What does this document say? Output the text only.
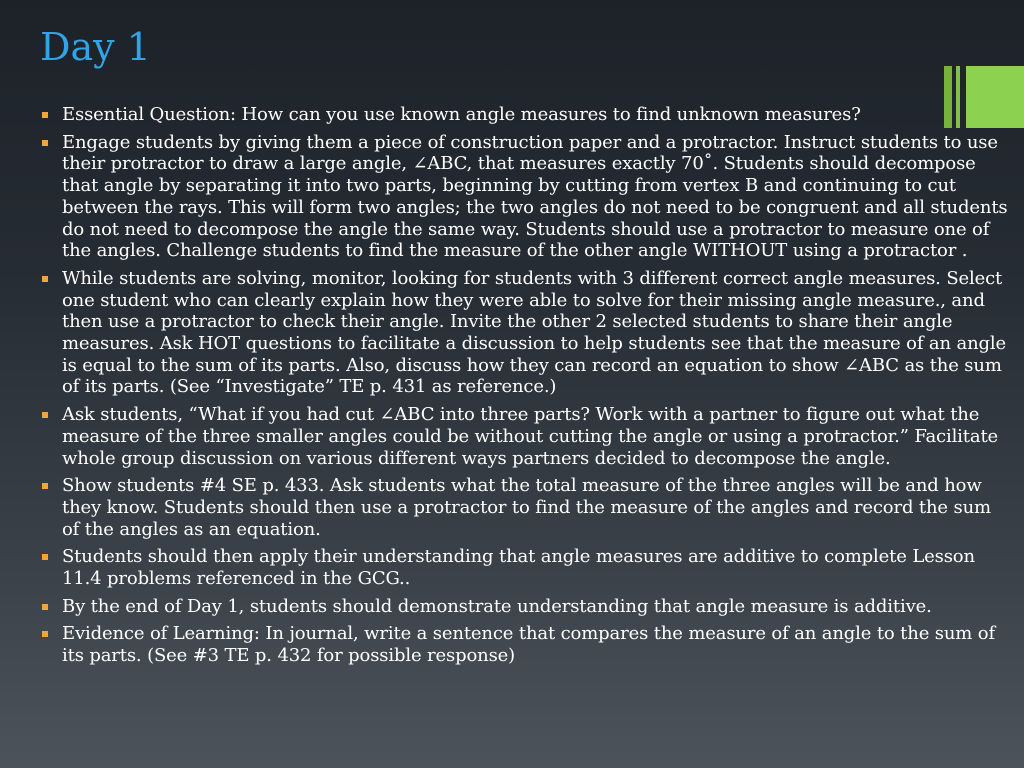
Day 1
Essential Question: How can you use known angle measures to find unknown measures?
Engage students by giving them a piece of construction paper and a protractor. Instruct students to use their protractor to draw a large angle, ∠ABC, that measures exactly 70˚. Students should decompose that angle by separating it into two parts, beginning by cutting from vertex B and continuing to cut between the rays. This will form two angles; the two angles do not need to be congruent and all students do not need to decompose the angle the same way. Students should use a protractor to measure one of the angles. Challenge students to find the measure of the other angle WITHOUT using a protractor .
While students are solving, monitor, looking for students with 3 different correct angle measures. Select one student who can clearly explain how they were able to solve for their missing angle measure., and then use a protractor to check their angle. Invite the other 2 selected students to share their angle measures. Ask HOT questions to facilitate a discussion to help students see that the measure of an angle is equal to the sum of its parts. Also, discuss how they can record an equation to show ∠ABC as the sum of its parts. (See “Investigate” TE p. 431 as reference.)
Ask students, “What if you had cut ∠ABC into three parts? Work with a partner to figure out what the measure of the three smaller angles could be without cutting the angle or using a protractor.” Facilitate whole group discussion on various different ways partners decided to decompose the angle.
Show students #4 SE p. 433. Ask students what the total measure of the three angles will be and how they know. Students should then use a protractor to find the measure of the angles and record the sum of the angles as an equation.
Students should then apply their understanding that angle measures are additive to complete Lesson 11.4 problems referenced in the GCG..
By the end of Day 1, students should demonstrate understanding that angle measure is additive.
Evidence of Learning: In journal, write a sentence that compares the measure of an angle to the sum of its parts. (See #3 TE p. 432 for possible response)
